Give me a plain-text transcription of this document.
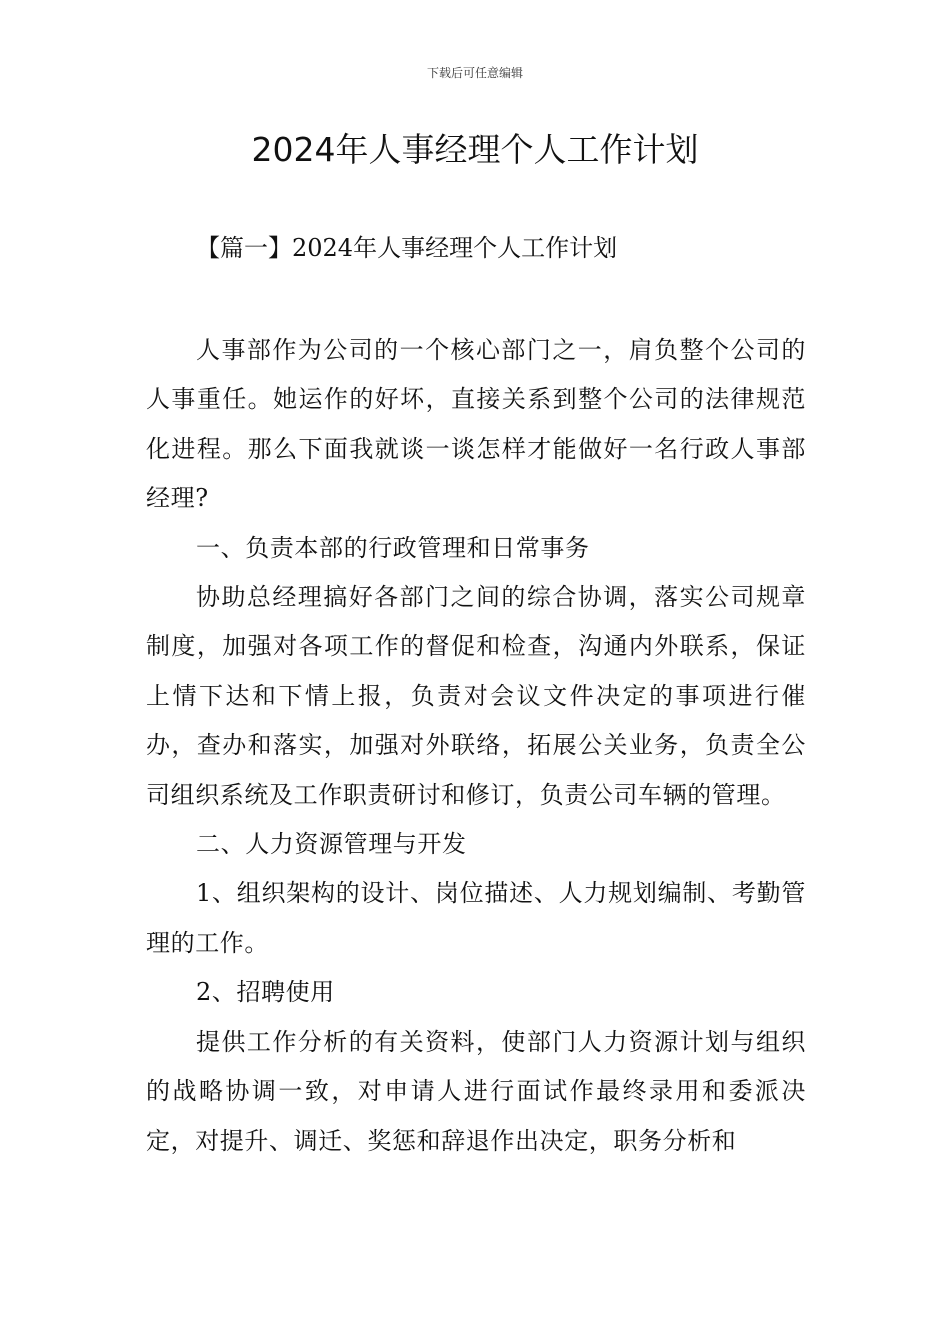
下载后可任意编辑
2024年人事经理个人工作计划
【篇一】2024年人事经理个人工作计划

人事部作为公司的一个核心部门之一，肩负整个公司的人事重任。她运作的好坏，直接关系到整个公司的法律规范化进程。那么下面我就谈一谈怎样才能做好一名行政人事部经理?

一、负责本部的行政管理和日常事务

协助总经理搞好各部门之间的综合协调，落实公司规章制度，加强对各项工作的督促和检查，沟通内外联系，保证上情下达和下情上报，负责对会议文件决定的事项进行催办，查办和落实，加强对外联络，拓展公关业务，负责全公司组织系统及工作职责研讨和修订，负责公司车辆的管理。

二、人力资源管理与开发

1、组织架构的设计、岗位描述、人力规划编制、考勤管理的工作。

2、招聘使用

提供工作分析的有关资料，使部门人力资源计划与组织的战略协调一致，对申请人进行面试作最终录用和委派决定，对提升、调迁、奖惩和辞退作出决定，职务分析和
